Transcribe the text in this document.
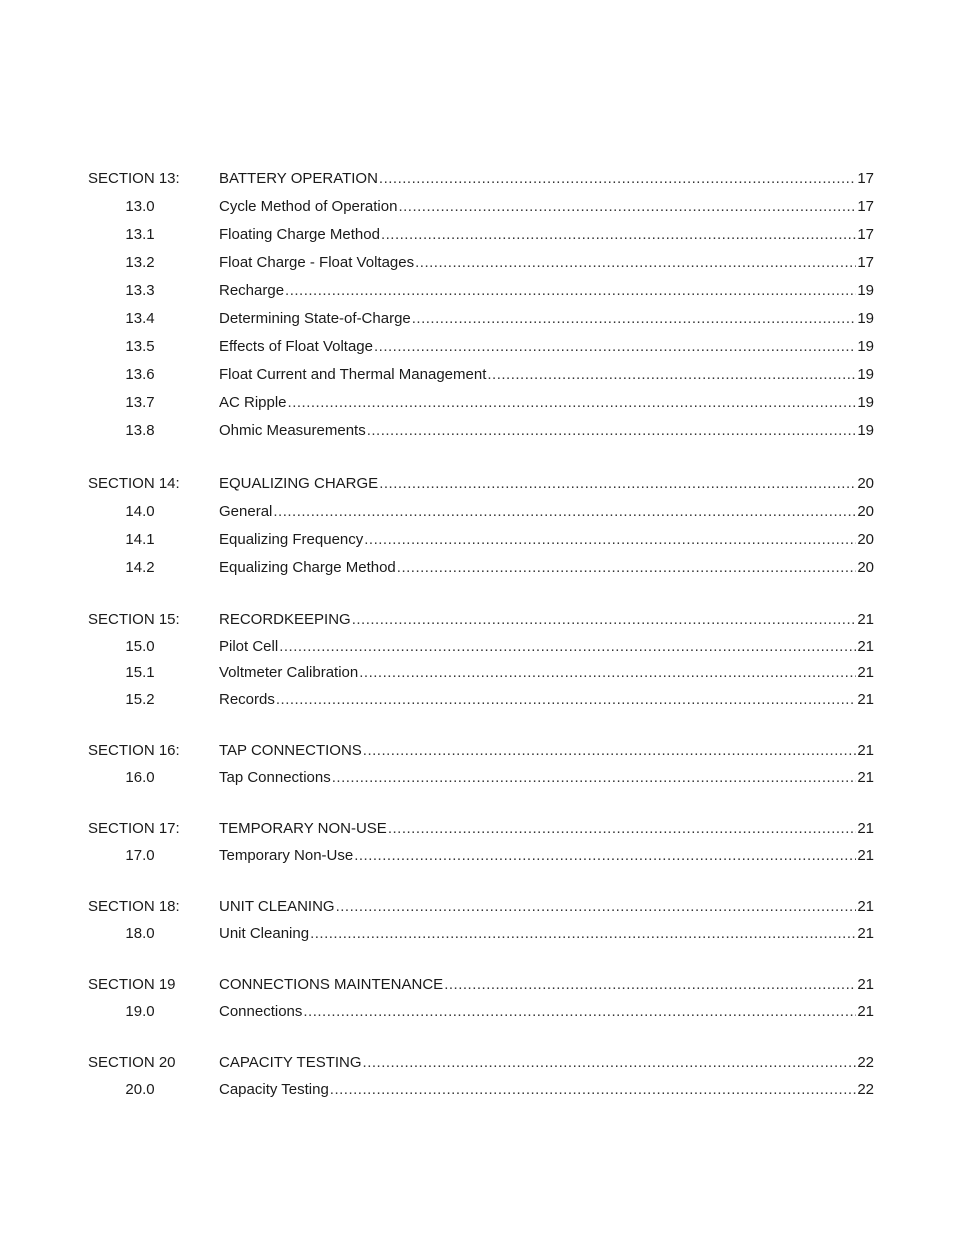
SECTION 13:	BATTERY OPERATION .....	17
13.0	Cycle Method of Operation .....	17
13.1	Floating Charge Method .....	17
13.2	Float Charge - Float Voltages .....	17
13.3	Recharge .....	19
13.4	Determining State-of-Charge .....	19
13.5	Effects of Float Voltage .....	19
13.6	Float Current and Thermal Management .....	19
13.7	AC Ripple .....	19
13.8	Ohmic Measurements .....	19
SECTION 14:	EQUALIZING CHARGE .....	20
14.0	General .....	20
14.1	Equalizing Frequency .....	20
14.2	Equalizing Charge Method .....	20
SECTION 15:	RECORDKEEPING .....	21
15.0	Pilot Cell .....	21
15.1	Voltmeter Calibration .....	21
15.2	Records .....	21
SECTION 16:	TAP CONNECTIONS .....	21
16.0	Tap Connections .....	21
SECTION 17:	TEMPORARY NON-USE .....	21
17.0	Temporary Non-Use .....	21
SECTION 18:	UNIT CLEANING .....	21
18.0	Unit Cleaning .....	21
SECTION 19	CONNECTIONS MAINTENANCE .....	21
19.0	Connections .....	21
SECTION 20	CAPACITY TESTING .....	22
20.0	Capacity Testing .....	22
